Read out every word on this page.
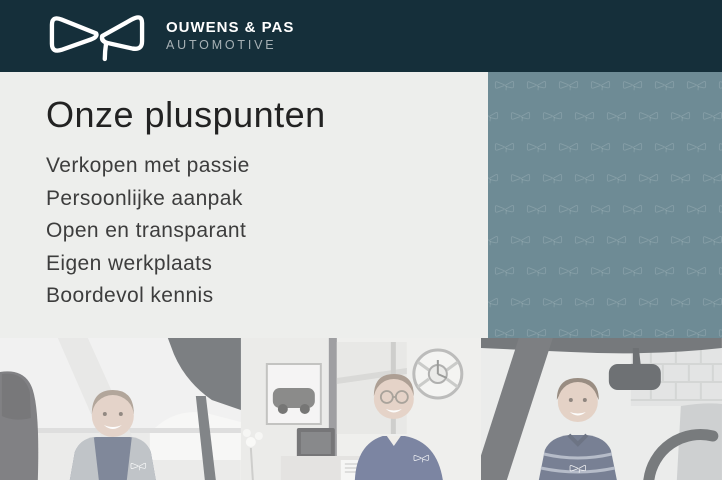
OUWENS & PAS
AUTOMOTIVE
Onze pluspunten
Verkopen met passie
Persoonlijke aanpak
Open en transparant
Eigen werkplaats
Boordevol kennis
